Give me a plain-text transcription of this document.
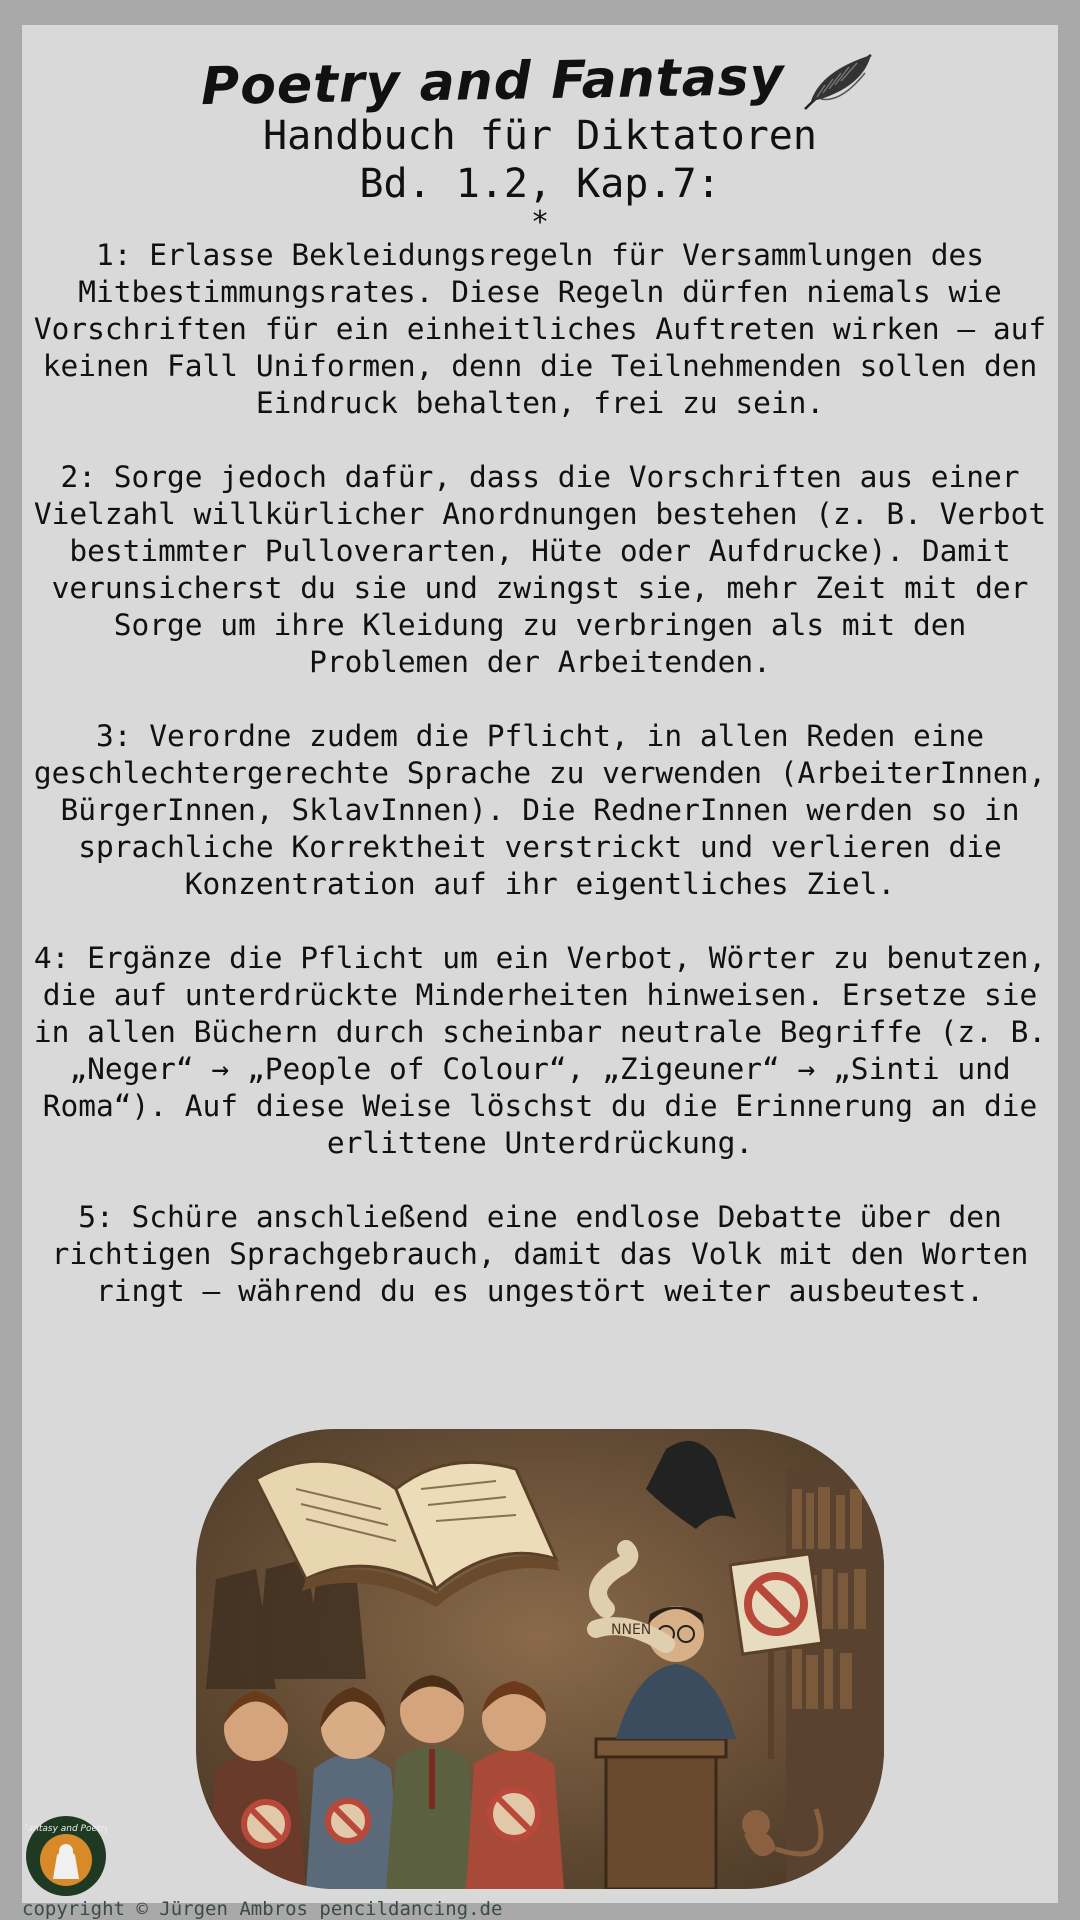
Poetry and Fantasy
Handbuch für Diktatoren
Bd. 1.2, Kap.7:
*

1: Erlasse Bekleidungsregeln für Versammlungen des Mitbestimmungsrates. Diese Regeln dürfen niemals wie Vorschriften für ein einheitliches Auftreten wirken – auf keinen Fall Uniformen, denn die Teilnehmenden sollen den Eindruck behalten, frei zu sein.

2: Sorge jedoch dafür, dass die Vorschriften aus einer Vielzahl willkürlicher Anordnungen bestehen (z. B. Verbot bestimmter Pulloverarten, Hüte oder Aufdrucke). Damit verunsicherst du sie und zwingst sie, mehr Zeit mit der Sorge um ihre Kleidung zu verbringen als mit den Problemen der Arbeitenden.

3: Verordne zudem die Pflicht, in allen Reden eine geschlechtergerechte Sprache zu verwenden (ArbeiterInnen, BürgerInnen, SklavInnen). Die RednerInnen werden so in sprachliche Korrektheit verstrickt und verlieren die Konzentration auf ihr eigentliches Ziel.

4: Ergänze die Pflicht um ein Verbot, Wörter zu benutzen, die auf unterdrückte Minderheiten hinweisen. Ersetze sie in allen Büchern durch scheinbar neutrale Begriffe (z. B. „Neger“ → „People of Colour“, „Zigeuner“ → „Sinti und Roma“). Auf diese Weise löschst du die Erinnerung an die erlittene Unterdrückung.

5: Schüre anschließend eine endlose Debatte über den richtigen Sprachgebrauch, damit das Volk mit den Worten ringt – während du es ungestört weiter ausbeutest.

NNEN
Fantasy and Poetry
copyright © Jürgen Ambros pencildancing.de
